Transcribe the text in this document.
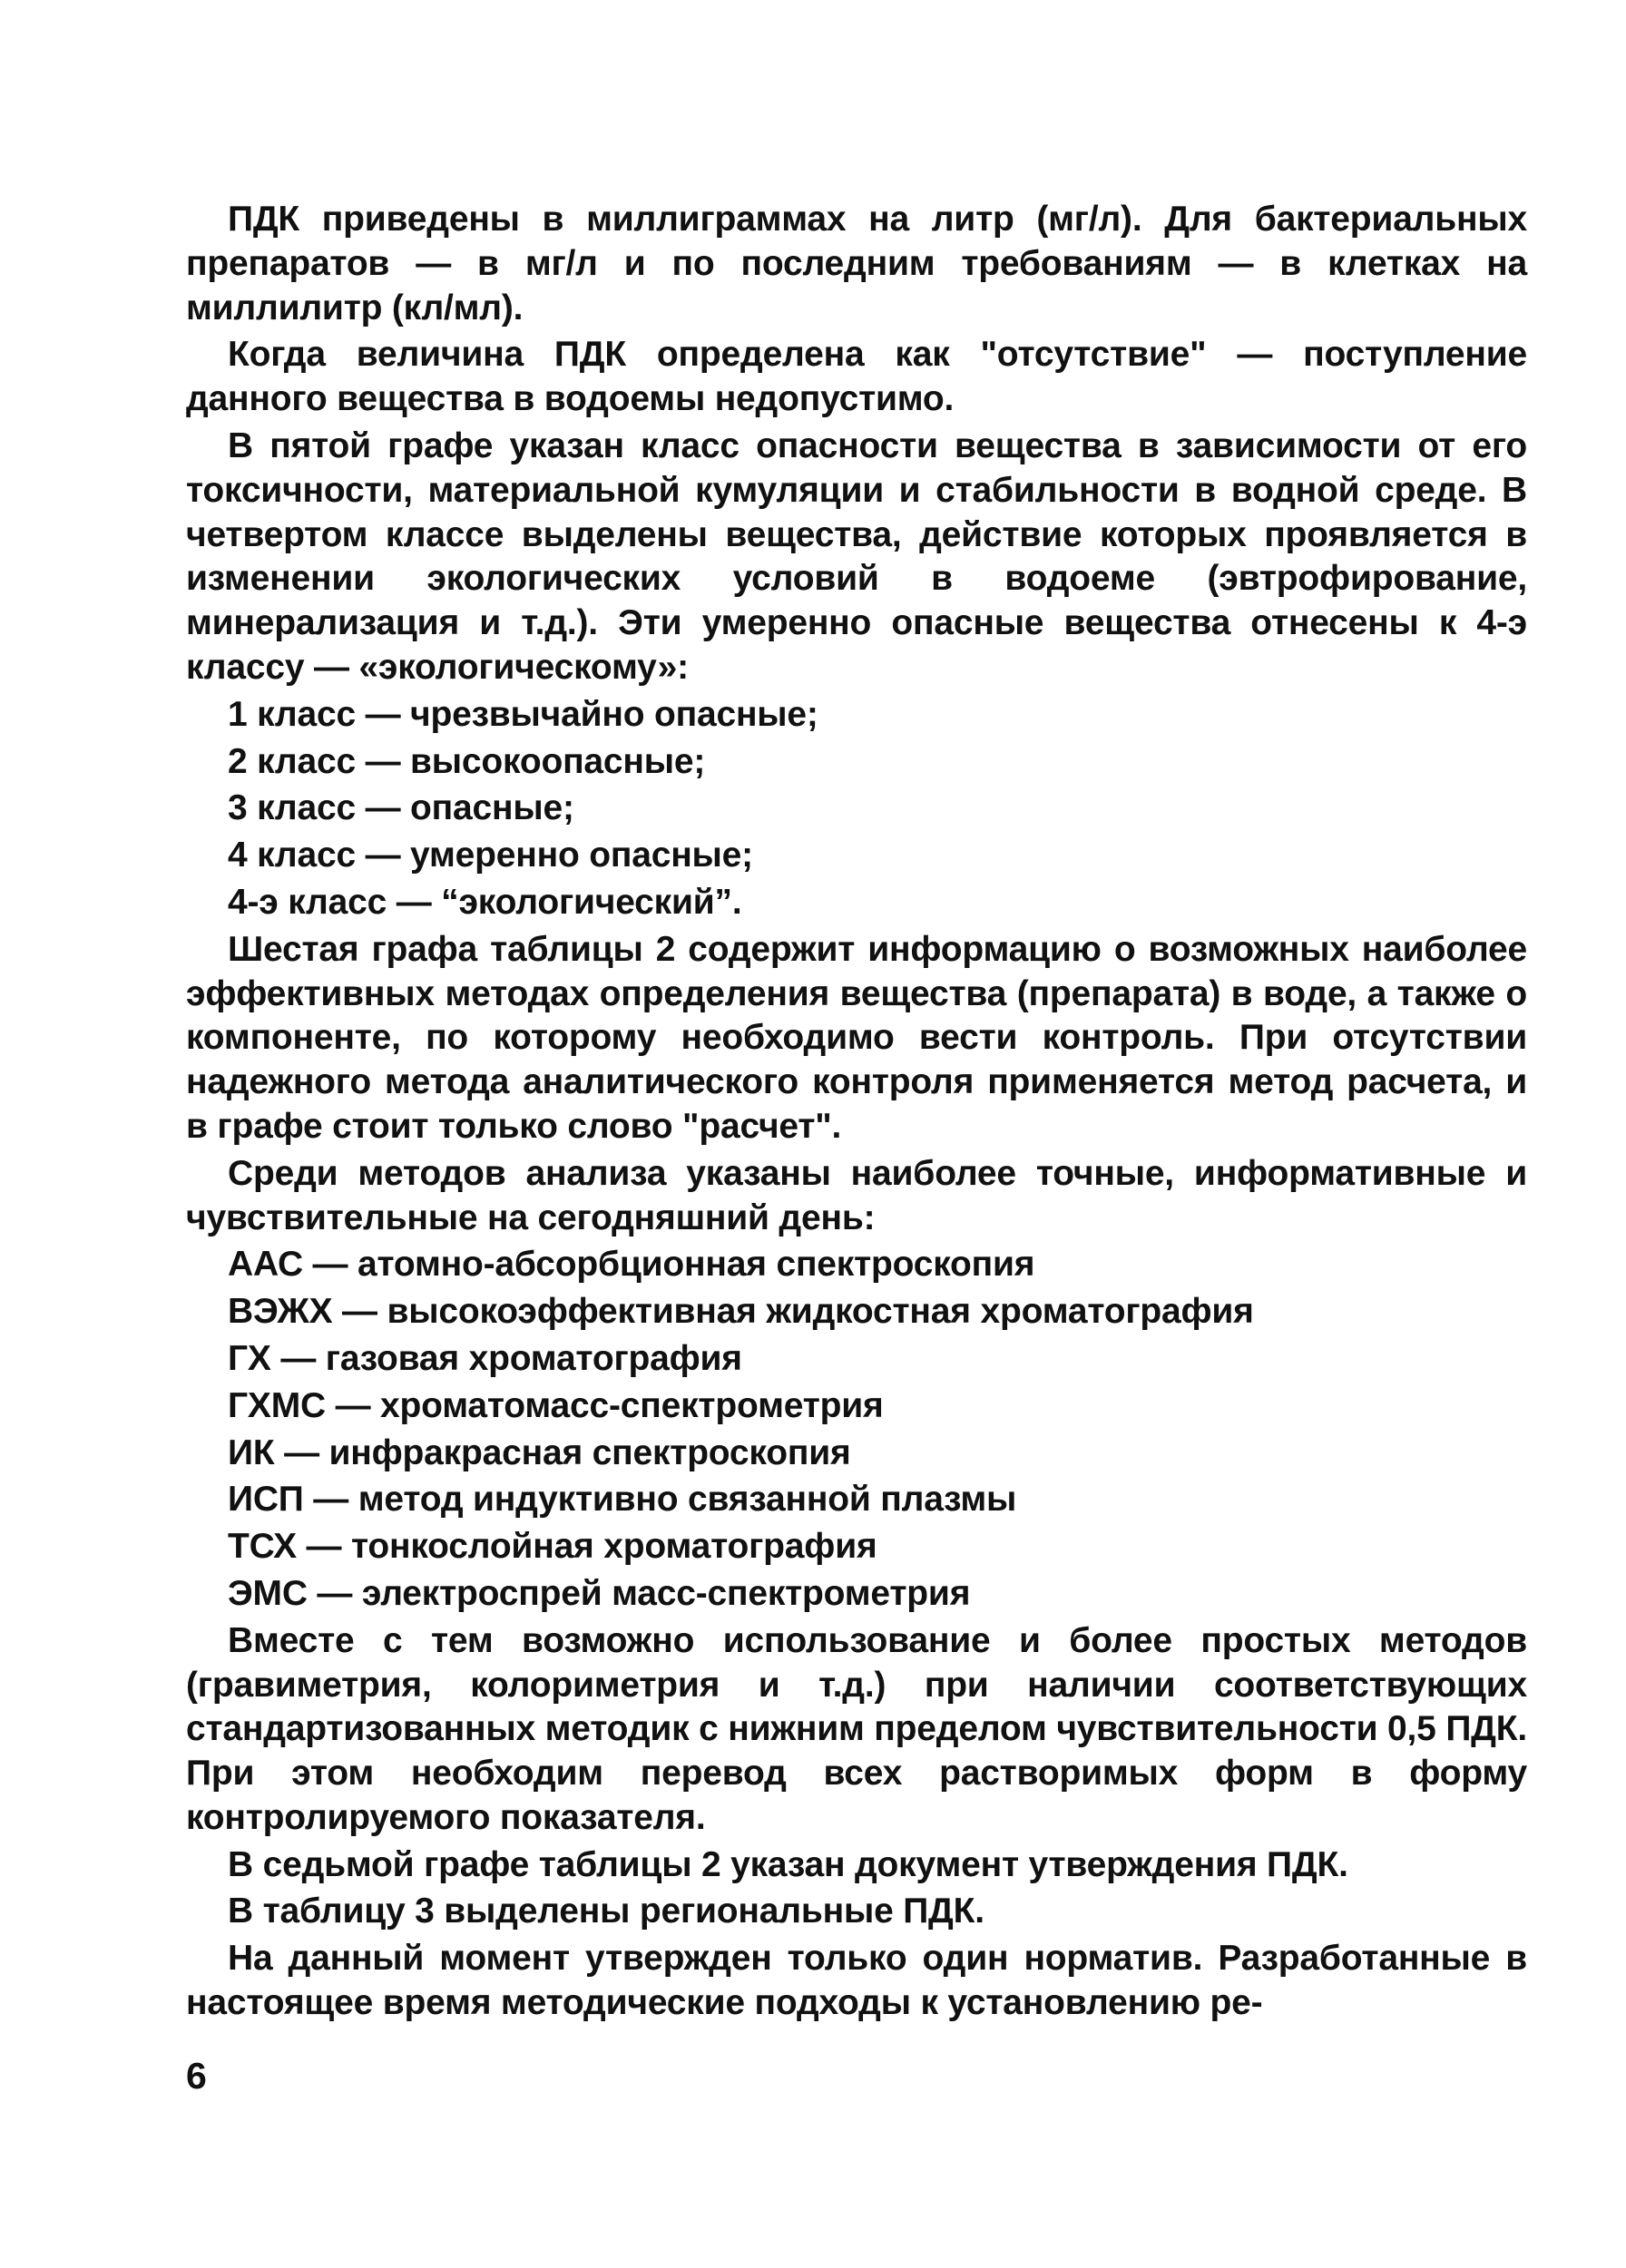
ПДК приведены в миллиграммах на литр (мг/л). Для бактериальных препаратов — в мг/л и по последним требованиям — в клетках на миллилитр (кл/мл).

Когда величина ПДК определена как "отсутствие" — поступление данного вещества в водоемы недопустимо.

В пятой графе указан класс опасности вещества в зависимости от его токсичности, материальной кумуляции и стабильности в водной среде. В четвертом классе выделены вещества, действие которых проявляется в изменении экологических условий в водоеме (эвтрофирование, минерализация и т.д.). Эти умеренно опасные вещества отнесены к 4-э классу — «экологическому»:

1 класс — чрезвычайно опасные;
2 класс — высокоопасные;
3 класс — опасные;
4 класс — умеренно опасные;
4-э класс — “экологический”.

Шестая графа таблицы 2 содержит информацию о возможных наиболее эффективных методах определения вещества (препарата) в воде, а также о компоненте, по которому необходимо вести контроль. При отсутствии надежного метода аналитического контроля применяется метод расчета, и в графе стоит только слово "расчет".

Среди методов анализа указаны наиболее точные, информативные и чувствительные на сегодняшний день:

ААС — атомно-абсорбционная спектроскопия
ВЭЖХ — высокоэффективная жидкостная хроматография
ГХ — газовая хроматография
ГХМС — хроматомасс-спектрометрия
ИК — инфракрасная спектроскопия
ИСП — метод индуктивно связанной плазмы
ТСХ — тонкослойная хроматография
ЭМС — электроспрей масс-спектрометрия

Вместе с тем возможно использование и более простых методов (гравиметрия, колориметрия и т.д.) при наличии соответствующих стандартизованных методик с нижним пределом чувствительности 0,5 ПДК. При этом необходим перевод всех растворимых форм в форму контролируемого показателя.

В седьмой графе таблицы 2 указан документ утверждения ПДК.

В таблицу 3 выделены региональные ПДК.

На данный момент утвержден только один норматив. Разработанные в настоящее время методические подходы к установлению ре-

6
